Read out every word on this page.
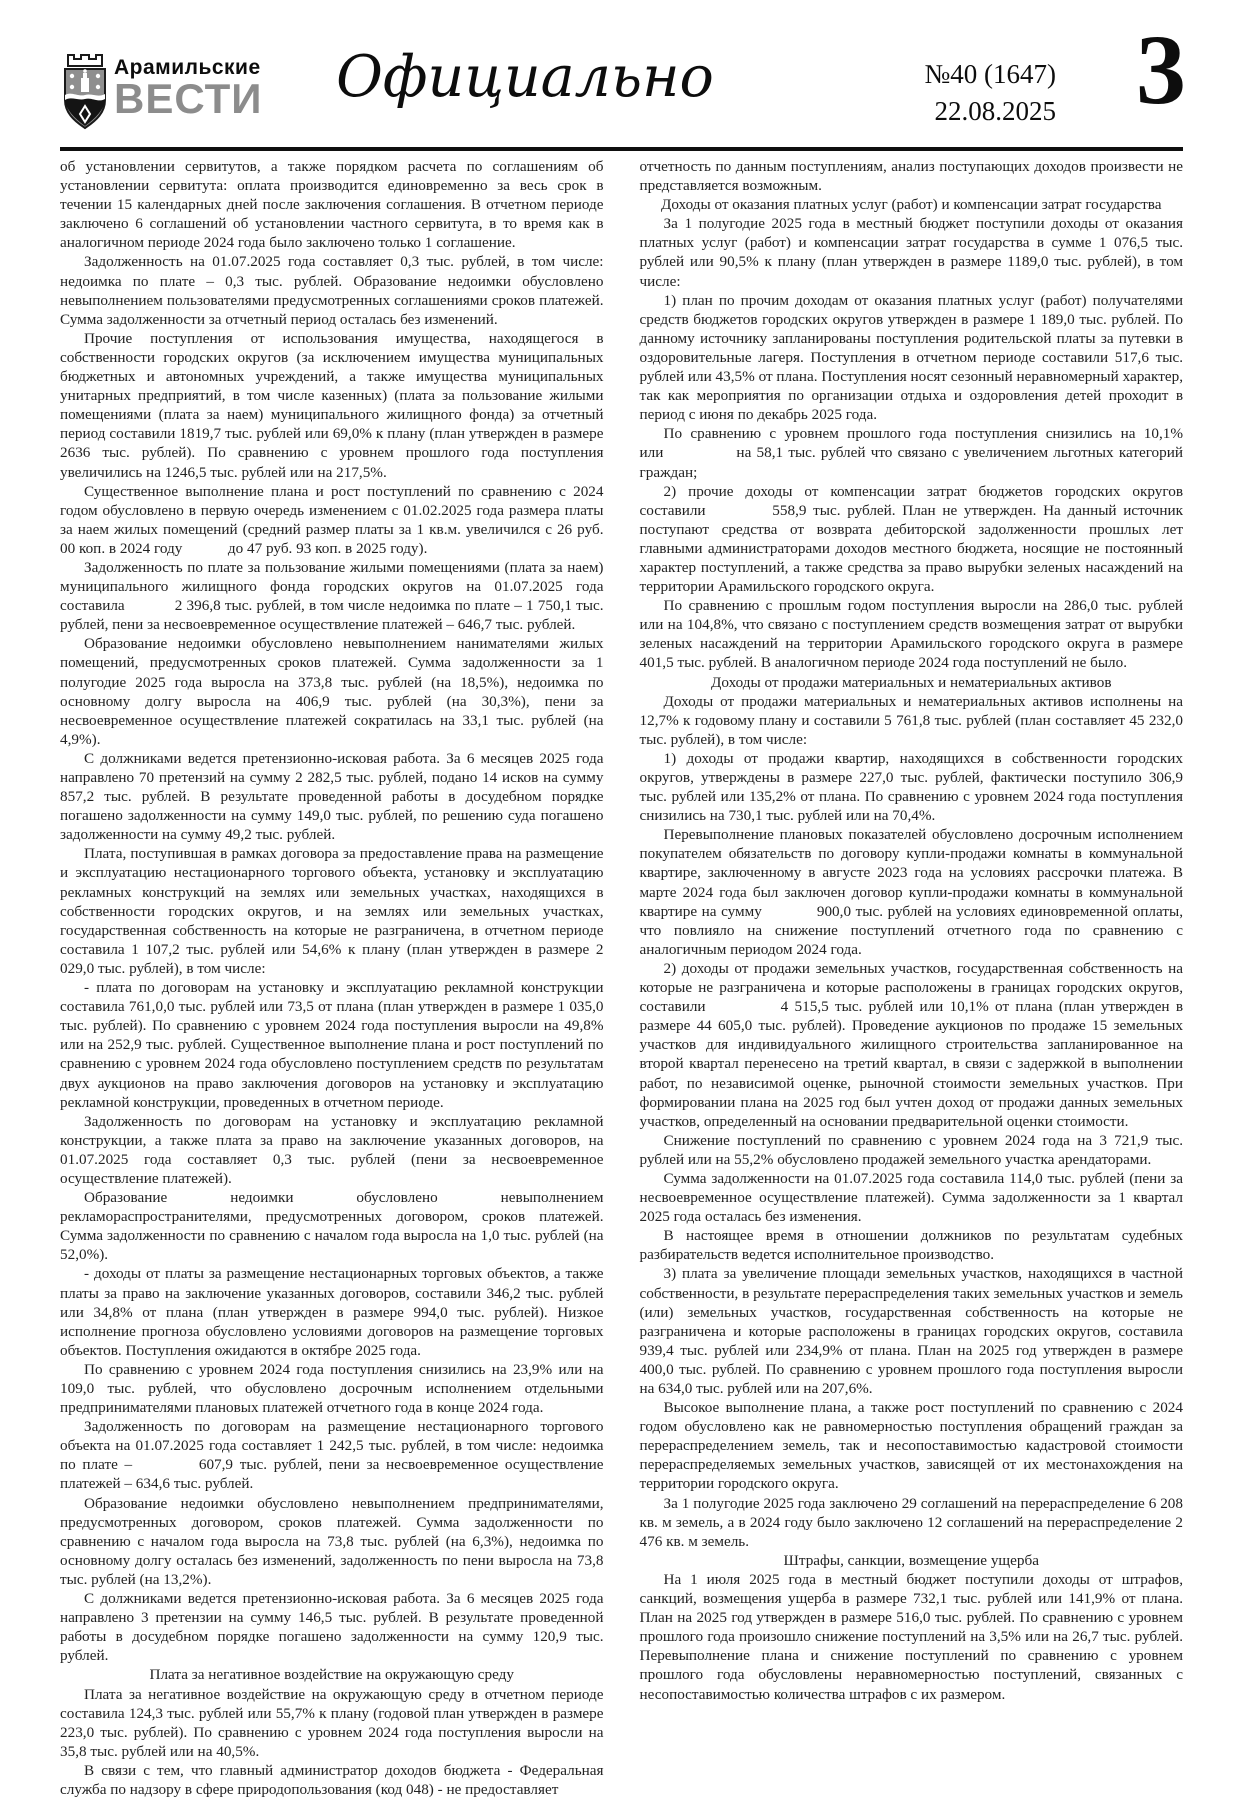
Арамильские
ВЕСТИ	Официально	№40 (1647)
22.08.2025 3

об установлении сервитутов, а также порядком расчета по соглашениям об установлении сервитута: оплата производится единовременно за весь срок в течении 15 календарных дней после заключения соглашения. В отчетном периоде заключено 6 соглашений об установлении частного сервитута, в то время как в аналогичном периоде 2024 года было заключено только 1 соглашение.

Задолженность на 01.07.2025 года составляет 0,3 тыс. рублей, в том числе: недоимка по плате – 0,3 тыс. рублей. Образование недоимки обусловлено невыполнением пользователями предусмотренных соглашениями сроков платежей. Сумма задолженности за отчетный период осталась без изменений.

Прочие поступления от использования имущества, находящегося в собственности городских округов (за исключением имущества муниципальных бюджетных и автономных учреждений, а также имущества муниципальных унитарных предприятий, в том числе казенных) (плата за пользование жилыми помещениями (плата за наем) муниципального жилищного фонда) за отчетный период составили 1819,7 тыс. рублей или 69,0% к плану (план утвержден в размере 2636 тыс. рублей). По сравнению с уровнем прошлого года поступления увеличились на 1246,5 тыс. рублей или на 217,5%.

Существенное выполнение плана и рост поступлений по сравнению с 2024 годом обусловлено в первую очередь изменением с 01.02.2025 года размера платы за наем жилых помещений (средний размер платы за 1 кв.м. увеличился с 26 руб. 00 коп. в 2024 году            до 47 руб. 93 коп. в 2025 году).

Задолженность по плате за пользование жилыми помещениями (плата за наем) муниципального жилищного фонда городских округов на 01.07.2025 года составила            2 396,8 тыс. рублей, в том числе недоимка по плате – 1 750,1 тыс. рублей, пени за несвоевременное осуществление платежей – 646,7 тыс. рублей.

Образование недоимки обусловлено невыполнением нанимателями жилых помещений, предусмотренных сроков платежей. Сумма задолженности за 1 полугодие 2025 года выросла на 373,8 тыс. рублей (на 18,5%), недоимка по основному долгу выросла на 406,9 тыс. рублей (на 30,3%), пени за несвоевременное осуществление платежей сократилась на 33,1 тыс. рублей (на 4,9%).

С должниками ведется претензионно-исковая работа. За 6 месяцев 2025 года направлено 70 претензий на сумму 2 282,5 тыс. рублей, подано 14 исков на сумму 857,2 тыс. рублей. В результате проведенной работы в досудебном порядке погашено задолженности на сумму 149,0 тыс. рублей, по решению суда погашено задолженности на сумму 49,2 тыс. рублей.

Плата, поступившая в рамках договора за предоставление права на размещение и эксплуатацию нестационарного торгового объекта, установку и эксплуатацию рекламных конструкций на землях или земельных участках, находящихся в собственности городских округов, и на землях или земельных участках, государственная собственность на которые не разграничена, в отчетном периоде составила 1 107,2 тыс. рублей или 54,6% к плану (план утвержден в размере 2 029,0 тыс. рублей), в том числе:

- плата по договорам на установку и эксплуатацию рекламной конструкции составила 761,0,0 тыс. рублей или 73,5 от плана (план утвержден в размере 1 035,0 тыс. рублей). По сравнению с уровнем 2024 года поступления выросли на 49,8% или на 252,9 тыс. рублей. Существенное выполнение плана и рост поступлений по сравнению с уровнем 2024 года обусловлено поступлением средств по результатам двух аукционов на право заключения договоров на установку и эксплуатацию рекламной конструкции, проведенных в отчетном периоде.

Задолженность по договорам на установку и эксплуатацию рекламной конструкции, а также плата за право на заключение указанных договоров, на 01.07.2025 года составляет 0,3 тыс. рублей (пени за несвоевременное осуществление платежей).

Образование недоимки обусловлено невыполнением рекламораспространителями, предусмотренных договором, сроков платежей. Сумма задолженности по сравнению с началом года выросла на 1,0 тыс. рублей (на 52,0%).

- доходы от платы за размещение нестационарных торговых объектов, а также платы за право на заключение указанных договоров, составили 346,2 тыс. рублей или 34,8% от плана (план утвержден в размере 994,0 тыс. рублей). Низкое исполнение прогноза обусловлено условиями договоров на размещение торговых объектов. Поступления ожидаются в октябре 2025 года.

По сравнению с уровнем 2024 года поступления снизились на 23,9% или на 109,0 тыс. рублей, что обусловлено досрочным исполнением отдельными предпринимателями плановых платежей отчетного года в конце 2024 года.

Задолженность по договорам на размещение нестационарного торгового объекта на 01.07.2025 года составляет 1 242,5 тыс. рублей, в том числе: недоимка по плате –          607,9 тыс. рублей, пени за несвоевременное осуществление платежей – 634,6 тыс. рублей.

Образование недоимки обусловлено невыполнением предпринимателями, предусмотренных договором, сроков платежей. Сумма задолженности по сравнению с началом года выросла на 73,8 тыс. рублей (на 6,3%), недоимка по основному долгу осталась без изменений, задолженность по пени выросла на 73,8 тыс. рублей (на 13,2%).

С должниками ведется претензионно-исковая работа. За 6 месяцев 2025 года направлено 3 претензии на сумму 146,5 тыс. рублей. В результате проведенной работы в досудебном порядке погашено задолженности на сумму 120,9 тыс. рублей.

Плата за негативное воздействие на окружающую среду

Плата за негативное воздействие на окружающую среду в отчетном периоде составила 124,3 тыс. рублей или 55,7% к плану (годовой план утвержден в размере 223,0 тыс. рублей). По сравнению с уровнем 2024 года поступления выросли на 35,8 тыс. рублей или на 40,5%.

В связи с тем, что главный администратор доходов бюджета - Федеральная служба по надзору в сфере природопользования (код 048) - не предоставляет

отчетность по данным поступлениям, анализ поступающих доходов произвести не представляется возможным.

Доходы от оказания платных услуг (работ) и компенсации затрат государства

За 1 полугодие 2025 года в местный бюджет поступили доходы от оказания платных услуг (работ) и компенсации затрат государства в сумме 1 076,5 тыс. рублей или 90,5% к плану (план утвержден в размере 1189,0 тыс. рублей), в том числе:

1) план по прочим доходам от оказания платных услуг (работ) получателями средств бюджетов городских округов утвержден в размере 1 189,0 тыс. рублей. По данному источнику запланированы поступления родительской платы за путевки в оздоровительные лагеря. Поступления в отчетном периоде составили 517,6 тыс. рублей или 43,5% от плана. Поступления носят сезонный неравномерный характер, так как мероприятия по организации отдыха и оздоровления детей проходит в период с июня по декабрь 2025 года.

По сравнению с уровнем прошлого года поступления снизились на 10,1% или              на 58,1 тыс. рублей что связано с увеличением льготных категорий граждан;

2) прочие доходы от компенсации затрат бюджетов городских округов составили          558,9 тыс. рублей. План не утвержден. На данный источник поступают средства от возврата дебиторской задолженности прошлых лет главными администраторами доходов местного бюджета, носящие не постоянный характер поступлений, а также средства за право вырубки зеленых насаждений на территории Арамильского городского округа.

По сравнению с прошлым годом поступления выросли на 286,0 тыс. рублей или на 104,8%, что связано с поступлением средств возмещения затрат от вырубки зеленых насаждений на территории Арамильского городского округа в размере 401,5 тыс. рублей. В аналогичном периоде 2024 года поступлений не было.

Доходы от продажи материальных и нематериальных активов

Доходы от продажи материальных и нематериальных активов исполнены на 12,7% к годовому плану и составили 5 761,8 тыс. рублей (план составляет 45 232,0 тыс. рублей), в том числе:

1) доходы от продажи квартир, находящихся в собственности городских округов, утверждены в размере 227,0 тыс. рублей, фактически поступило 306,9 тыс. рублей или 135,2% от плана. По сравнению с уровнем 2024 года поступления снизились на 730,1 тыс. рублей или на 70,4%.

Перевыполнение плановых показателей обусловлено досрочным исполнением покупателем обязательств по договору купли-продажи комнаты в коммунальной квартире, заключенному в августе 2023 года на условиях рассрочки платежа. В марте 2024 года был заключен договор купли-продажи комнаты в коммунальной квартире на сумму            900,0 тыс. рублей на условиях единовременной оплаты, что повлияло на снижение поступлений отчетного года по сравнению с аналогичным периодом 2024 года.

2) доходы от продажи земельных участков, государственная собственность на которые не разграничена и которые расположены в границах городских округов, составили            4 515,5 тыс. рублей или 10,1% от плана (план утвержден в размере 44 605,0 тыс. рублей). Проведение аукционов по продаже 15 земельных участков для индивидуального жилищного строительства запланированное на второй квартал перенесено на третий квартал, в связи с задержкой в выполнении работ, по независимой оценке, рыночной стоимости земельных участков. При формировании плана на 2025 год был учтен доход от продажи данных земельных участков, определенный на основании предварительной оценки стоимости.

Снижение поступлений по сравнению с уровнем 2024 года на 3 721,9 тыс. рублей или на 55,2% обусловлено продажей земельного участка арендаторами.

Сумма задолженности на 01.07.2025 года составила 114,0 тыс. рублей (пени за несвоевременное осуществление платежей). Сумма задолженности за 1 квартал 2025 года осталась без изменения.

В настоящее время в отношении должников по результатам судебных разбирательств ведется исполнительное производство.

3) плата за увеличение площади земельных участков, находящихся в частной собственности, в результате перераспределения таких земельных участков и земель (или) земельных участков, государственная собственность на которые не разграничена и которые расположены в границах городских округов, составила 939,4 тыс. рублей или 234,9% от плана. План на 2025 год утвержден в размере 400,0 тыс. рублей. По сравнению с уровнем прошлого года поступления выросли на 634,0 тыс. рублей или на 207,6%.

Высокое выполнение плана, а также рост поступлений по сравнению с 2024 годом обусловлено как не равномерностью поступления обращений граждан за перераспределением земель, так и несопоставимостью кадастровой стоимости перераспределяемых земельных участков, зависящей от их местонахождения на территории городского округа.

За 1 полугодие 2025 года заключено 29 соглашений на перераспределение 6 208 кв. м земель, а в 2024 году было заключено 12 соглашений на перераспределение 2 476 кв. м земель.

Штрафы, санкции, возмещение ущерба

На 1 июля 2025 года в местный бюджет поступили доходы от штрафов, санкций, возмещения ущерба в размере 732,1 тыс. рублей или 141,9% от плана. План на 2025 год утвержден в размере 516,0 тыс. рублей. По сравнению с уровнем прошлого года произошло снижение поступлений на 3,5% или на 26,7 тыс. рублей. Перевыполнение плана и снижение поступлений по сравнению с уровнем прошлого года обусловлены неравномерностью поступлений, связанных с несопоставимостью количества штрафов с их размером.
